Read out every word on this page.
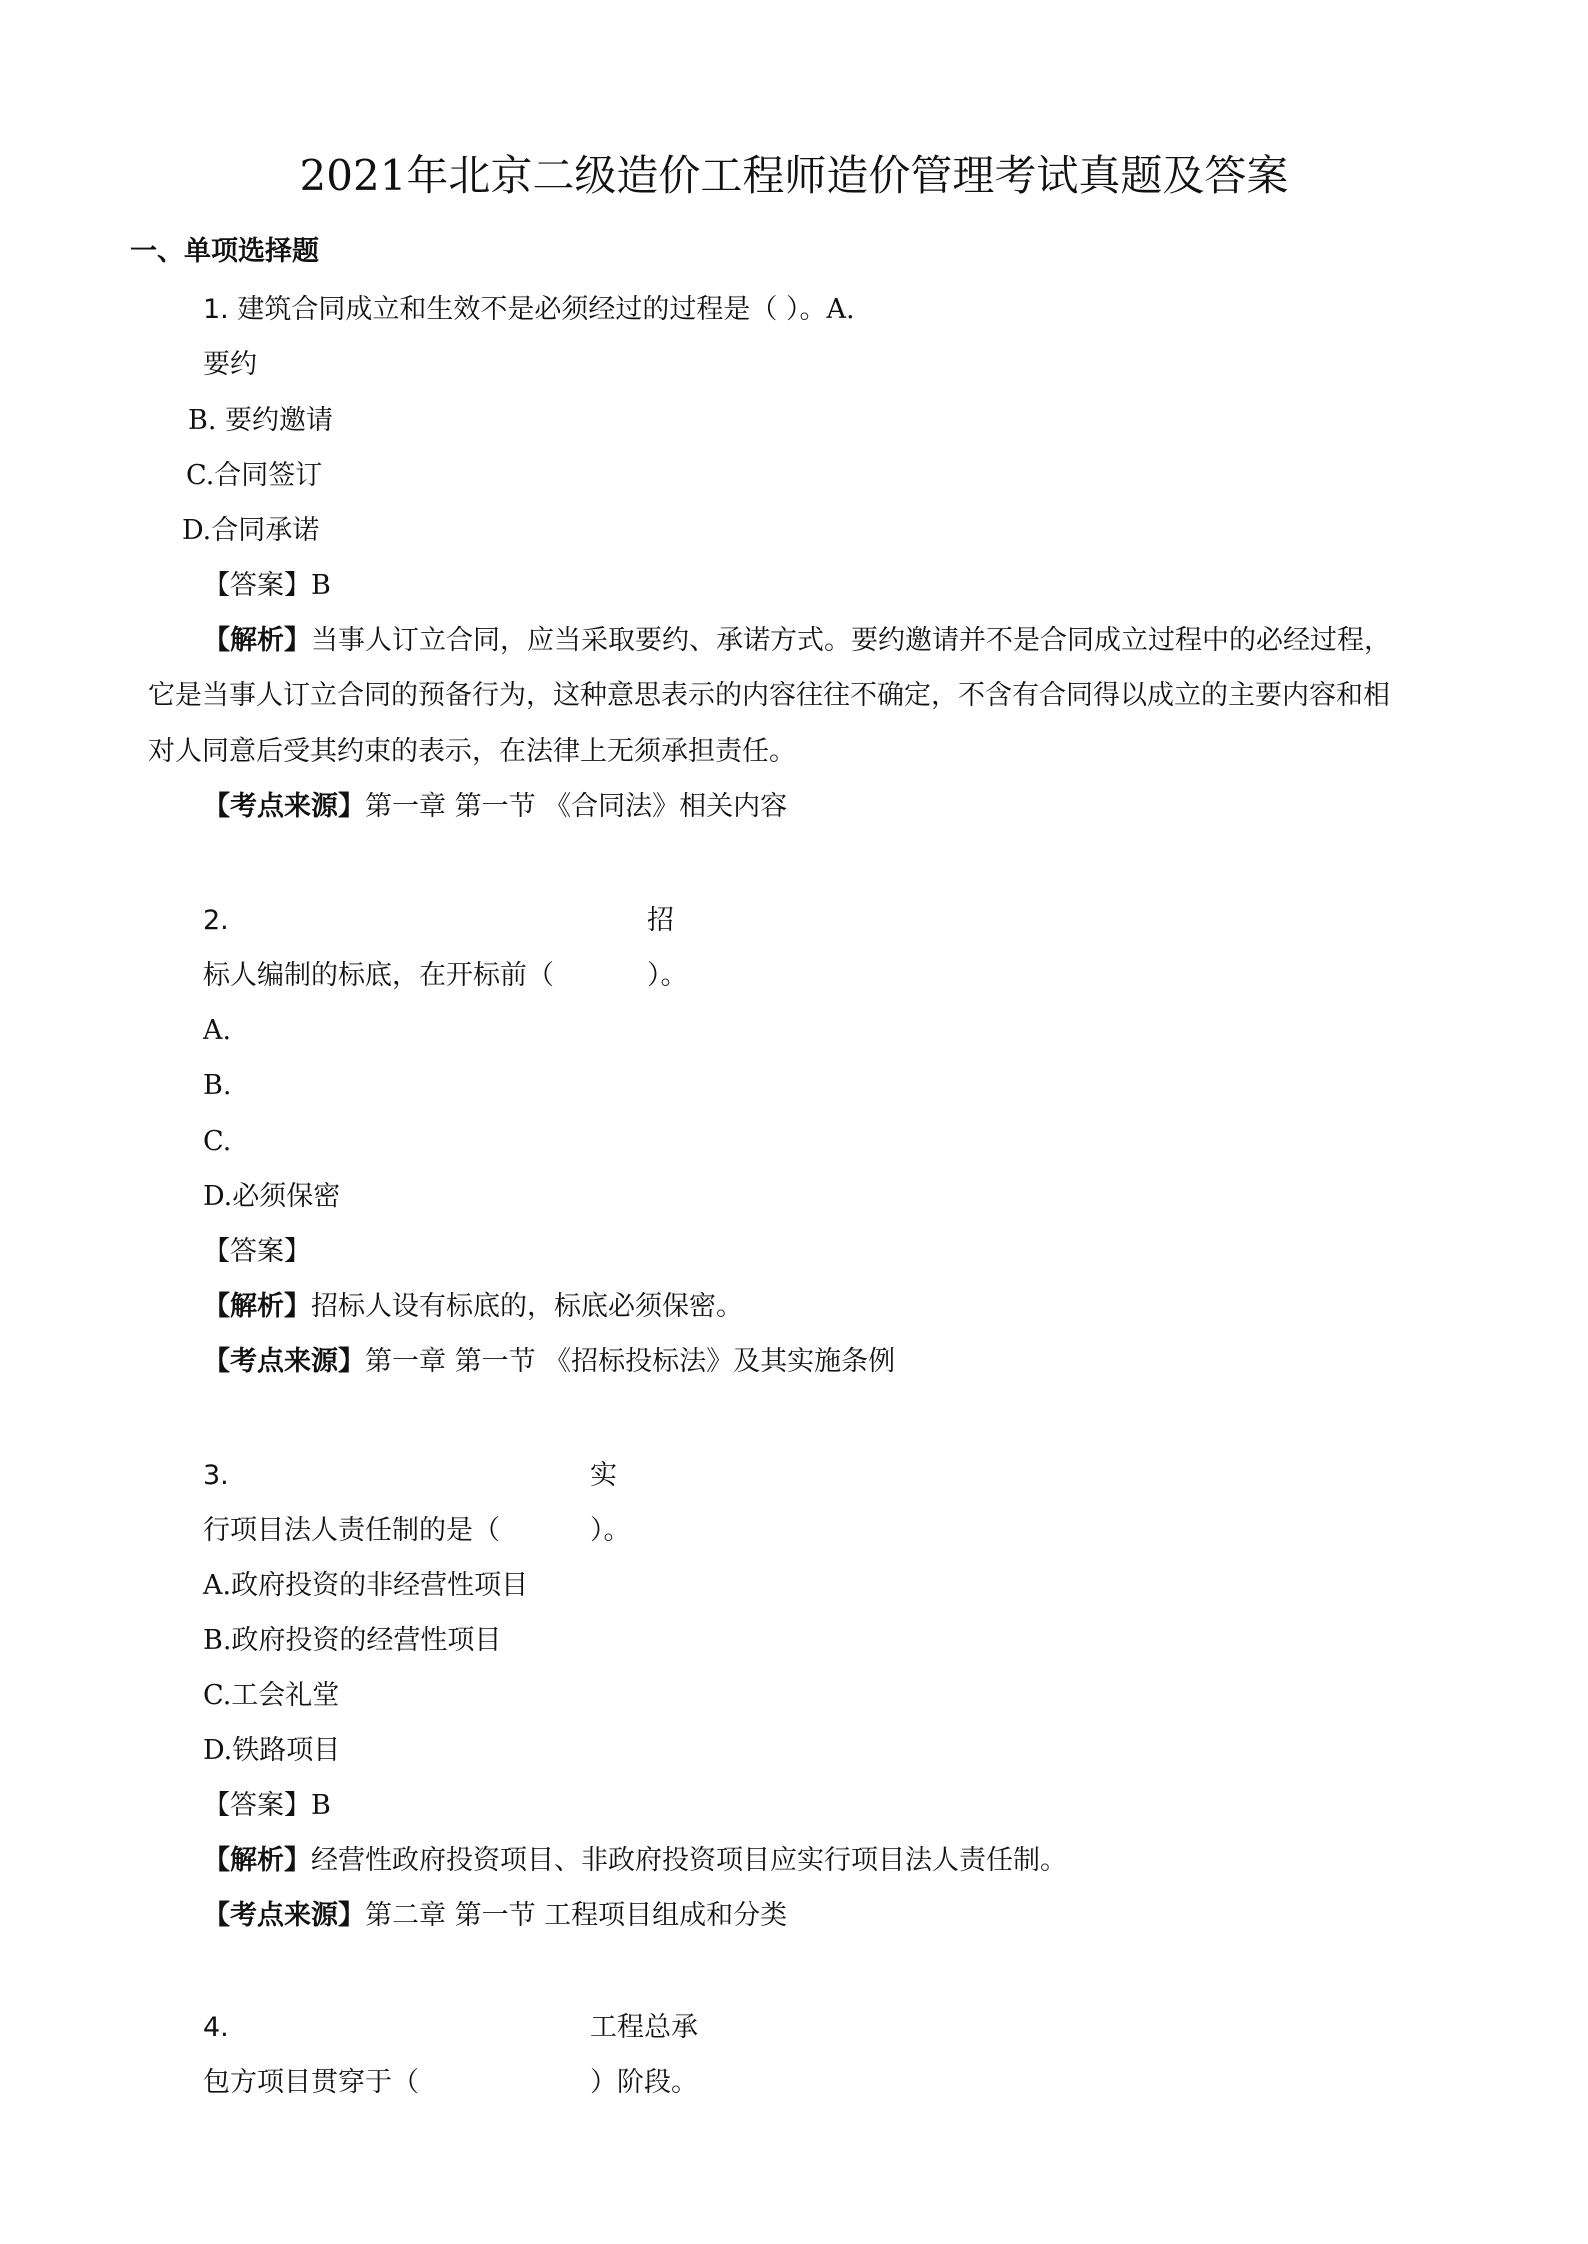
2021年北京二级造价工程师造价管理考试真题及答案
一、单项选择题
1. 建筑合同成立和生效不是必须经过的过程是（ ）。A.
要约
B. 要约邀请
C.合同签订
D.合同承诺
【答案】B
【解析】当事人订立合同，应当采取要约、承诺方式。要约邀请并不是合同成立过程中的必经过程，
它是当事人订立合同的预备行为，这种意思表示的内容往往不确定，不含有合同得以成立的主要内容和相
对人同意后受其约束的表示，在法律上无须承担责任。
【考点来源】第一章 第一节 《合同法》相关内容
2.	招
标人编制的标底，在开标前（	）。
A.
B.
C.
D.必须保密
【答案】
【解析】招标人设有标底的，标底必须保密。
【考点来源】第一章 第一节 《招标投标法》及其实施条例
3.	实
行项目法人责任制的是（	）。
A.政府投资的非经营性项目
B.政府投资的经营性项目
C.工会礼堂
D.铁路项目
【答案】B
【解析】经营性政府投资项目、非政府投资项目应实行项目法人责任制。
【考点来源】第二章 第一节 工程项目组成和分类
4.	工程总承
包方项目贯穿于（	）阶段。
